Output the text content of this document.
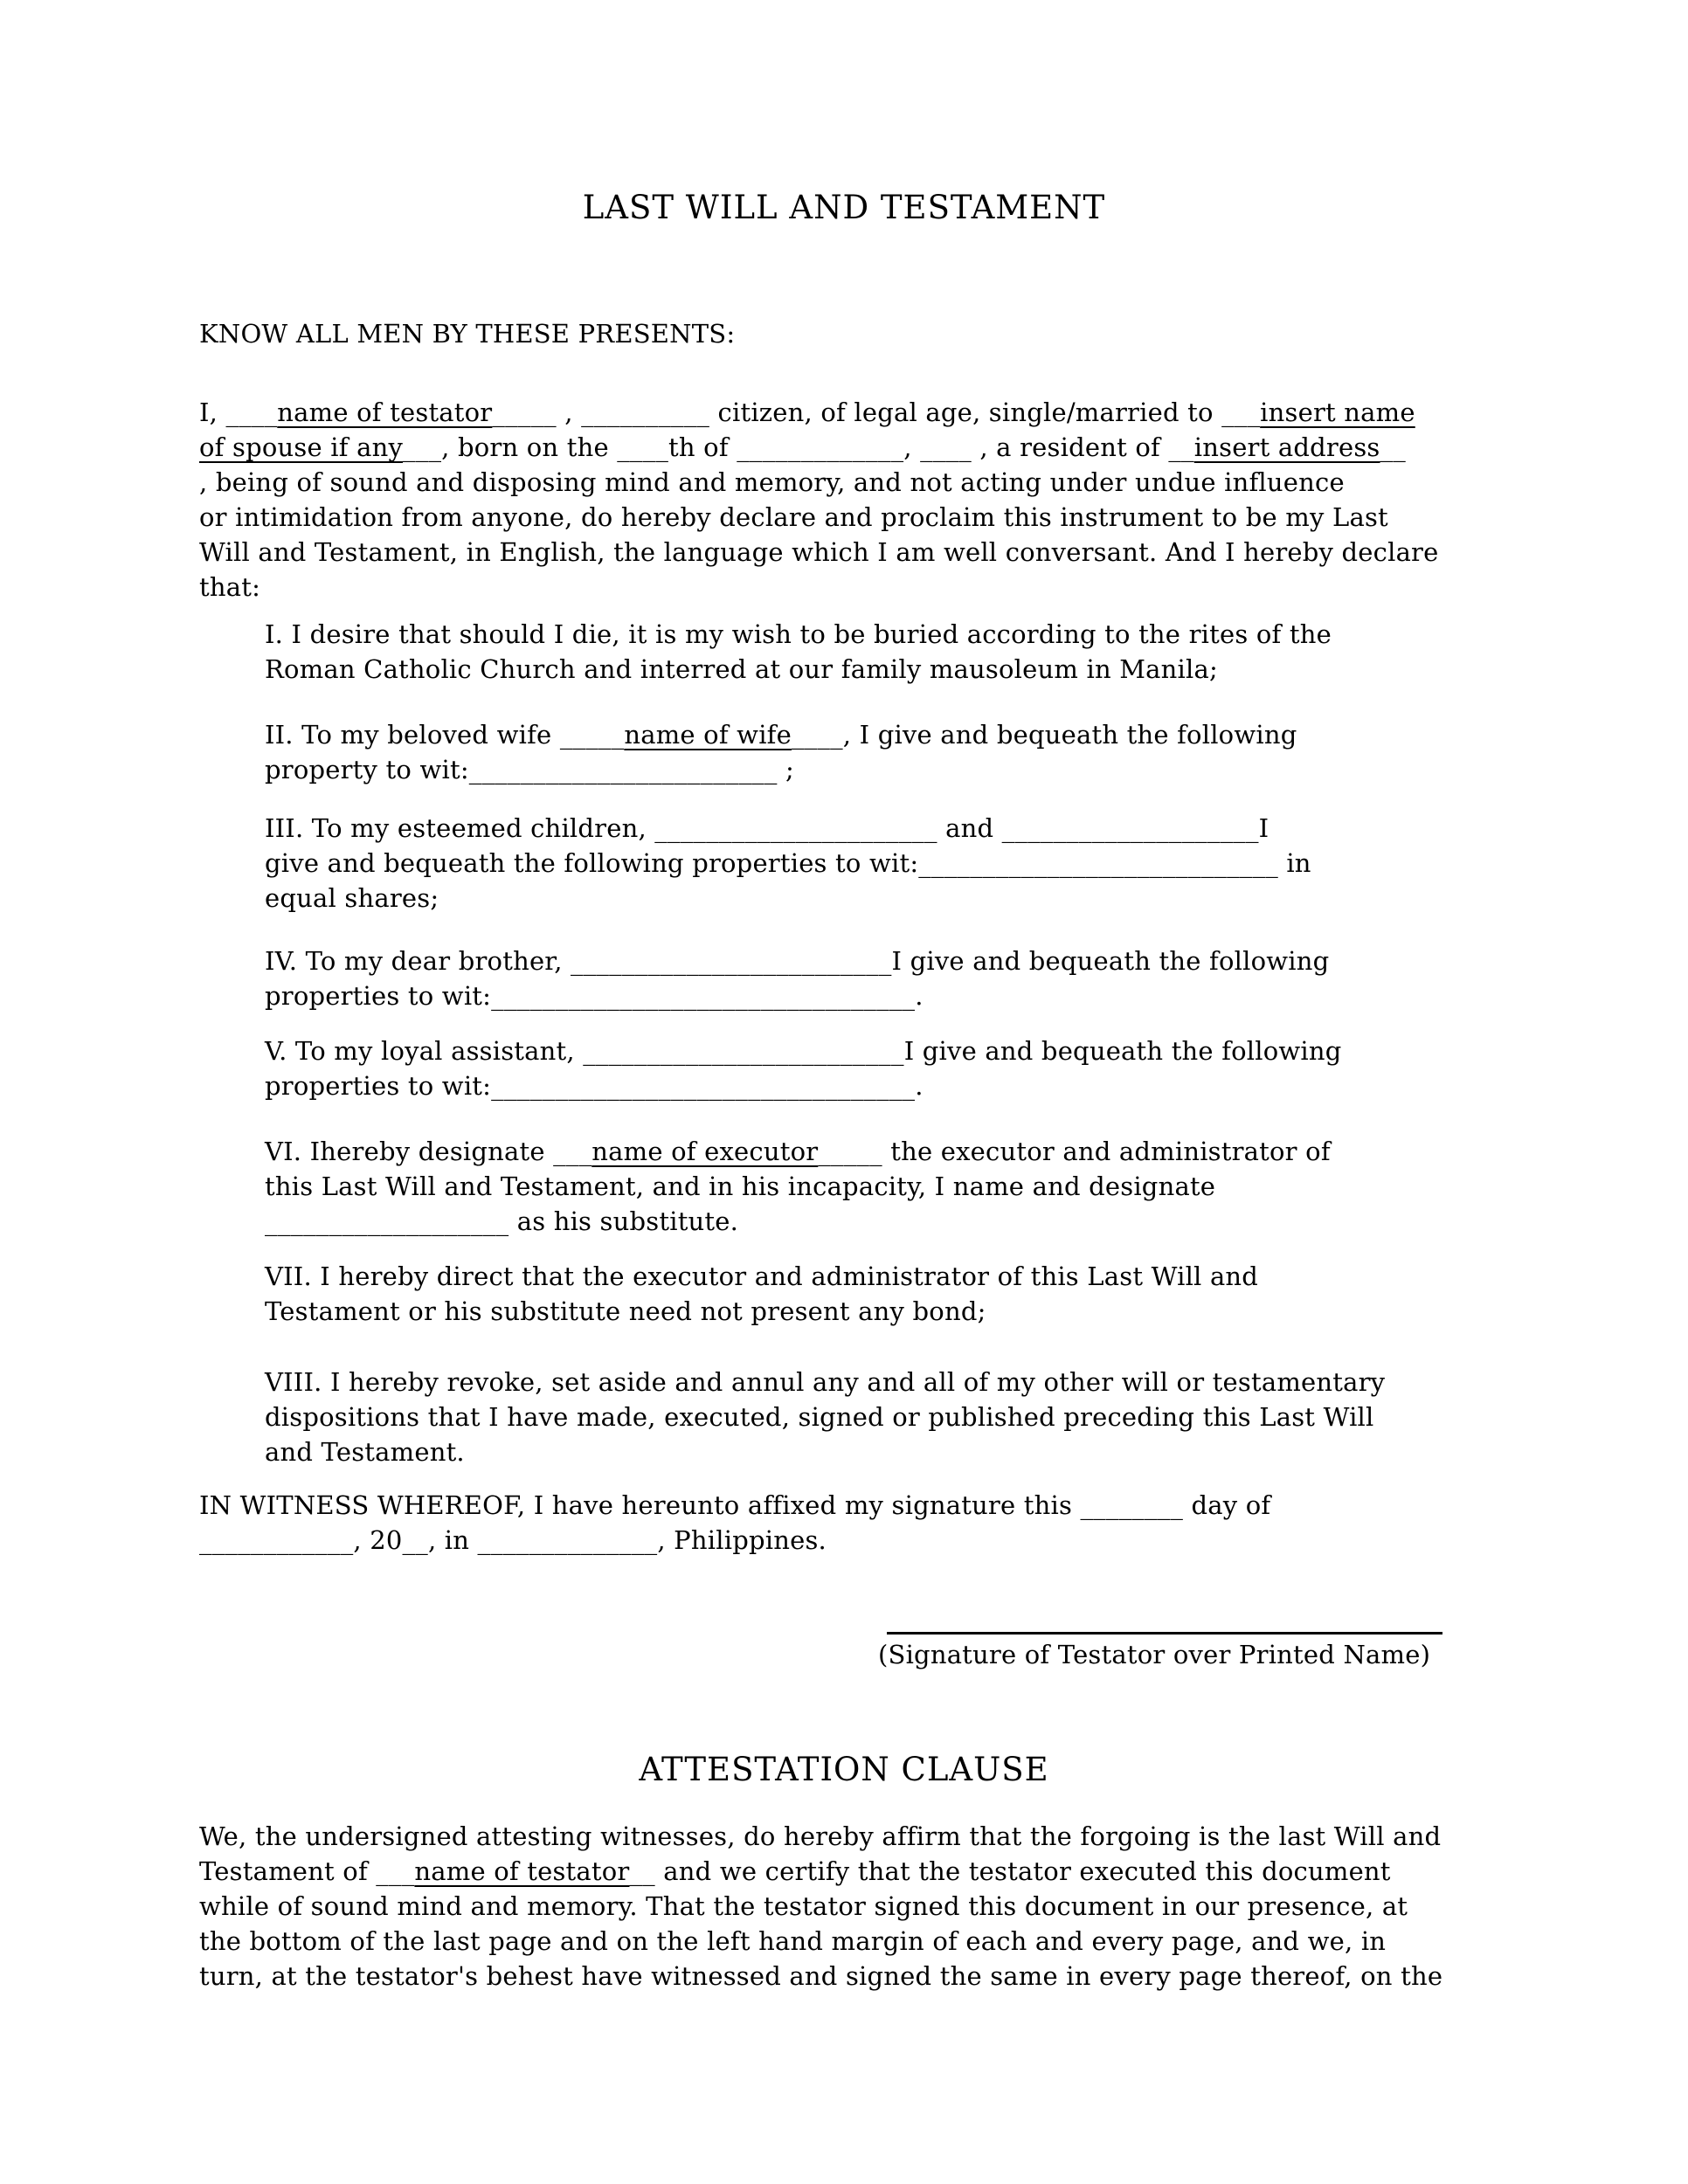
LAST WILL AND TESTAMENT
KNOW ALL MEN BY THESE PRESENTS:
I, ____name of testator_____ , __________ citizen, of legal age, single/married to ___insert name
of spouse if any___, born on the ____th of _____________, ____ , a resident of __insert address__
, being of sound and disposing mind and memory, and not acting under undue influence
or intimidation from anyone, do hereby declare and proclaim this instrument to be my Last
Will and Testament, in English, the language which I am well conversant. And I hereby declare
that:
I. I desire that should I die, it is my wish to be buried according to the rites of the
Roman Catholic Church and interred at our family mausoleum in Manila;
II. To my beloved wife _____name of wife____, I give and bequeath the following
property to wit:________________________ ;
III. To my esteemed children, ______________________ and ____________________I
give and bequeath the following properties to wit:____________________________ in
equal shares;
IV. To my dear brother, _________________________I give and bequeath the following
properties to wit:_________________________________.
V. To my loyal assistant, _________________________I give and bequeath the following
properties to wit:_________________________________.
VI. Ihereby designate ___name of executor_____ the executor and administrator of
this Last Will and Testament, and in his incapacity, I name and designate
___________________ as his substitute.
VII. I hereby direct that the executor and administrator of this Last Will and
Testament or his substitute need not present any bond;
VIII. I hereby revoke, set aside and annul any and all of my other will or testamentary
dispositions that I have made, executed, signed or published preceding this Last Will
and Testament.
IN WITNESS WHEREOF, I have hereunto affixed my signature this ________ day of
____________, 20__, in ______________, Philippines.
(Signature of Testator over Printed Name)
ATTESTATION CLAUSE
We, the undersigned attesting witnesses, do hereby affirm that the forgoing is the last Will and
Testament of ___name of testator__ and we certify that the testator executed this document
while of sound mind and memory. That the testator signed this document in our presence, at
the bottom of the last page and on the left hand margin of each and every page, and we, in
turn, at the testator's behest have witnessed and signed the same in every page thereof, on the
